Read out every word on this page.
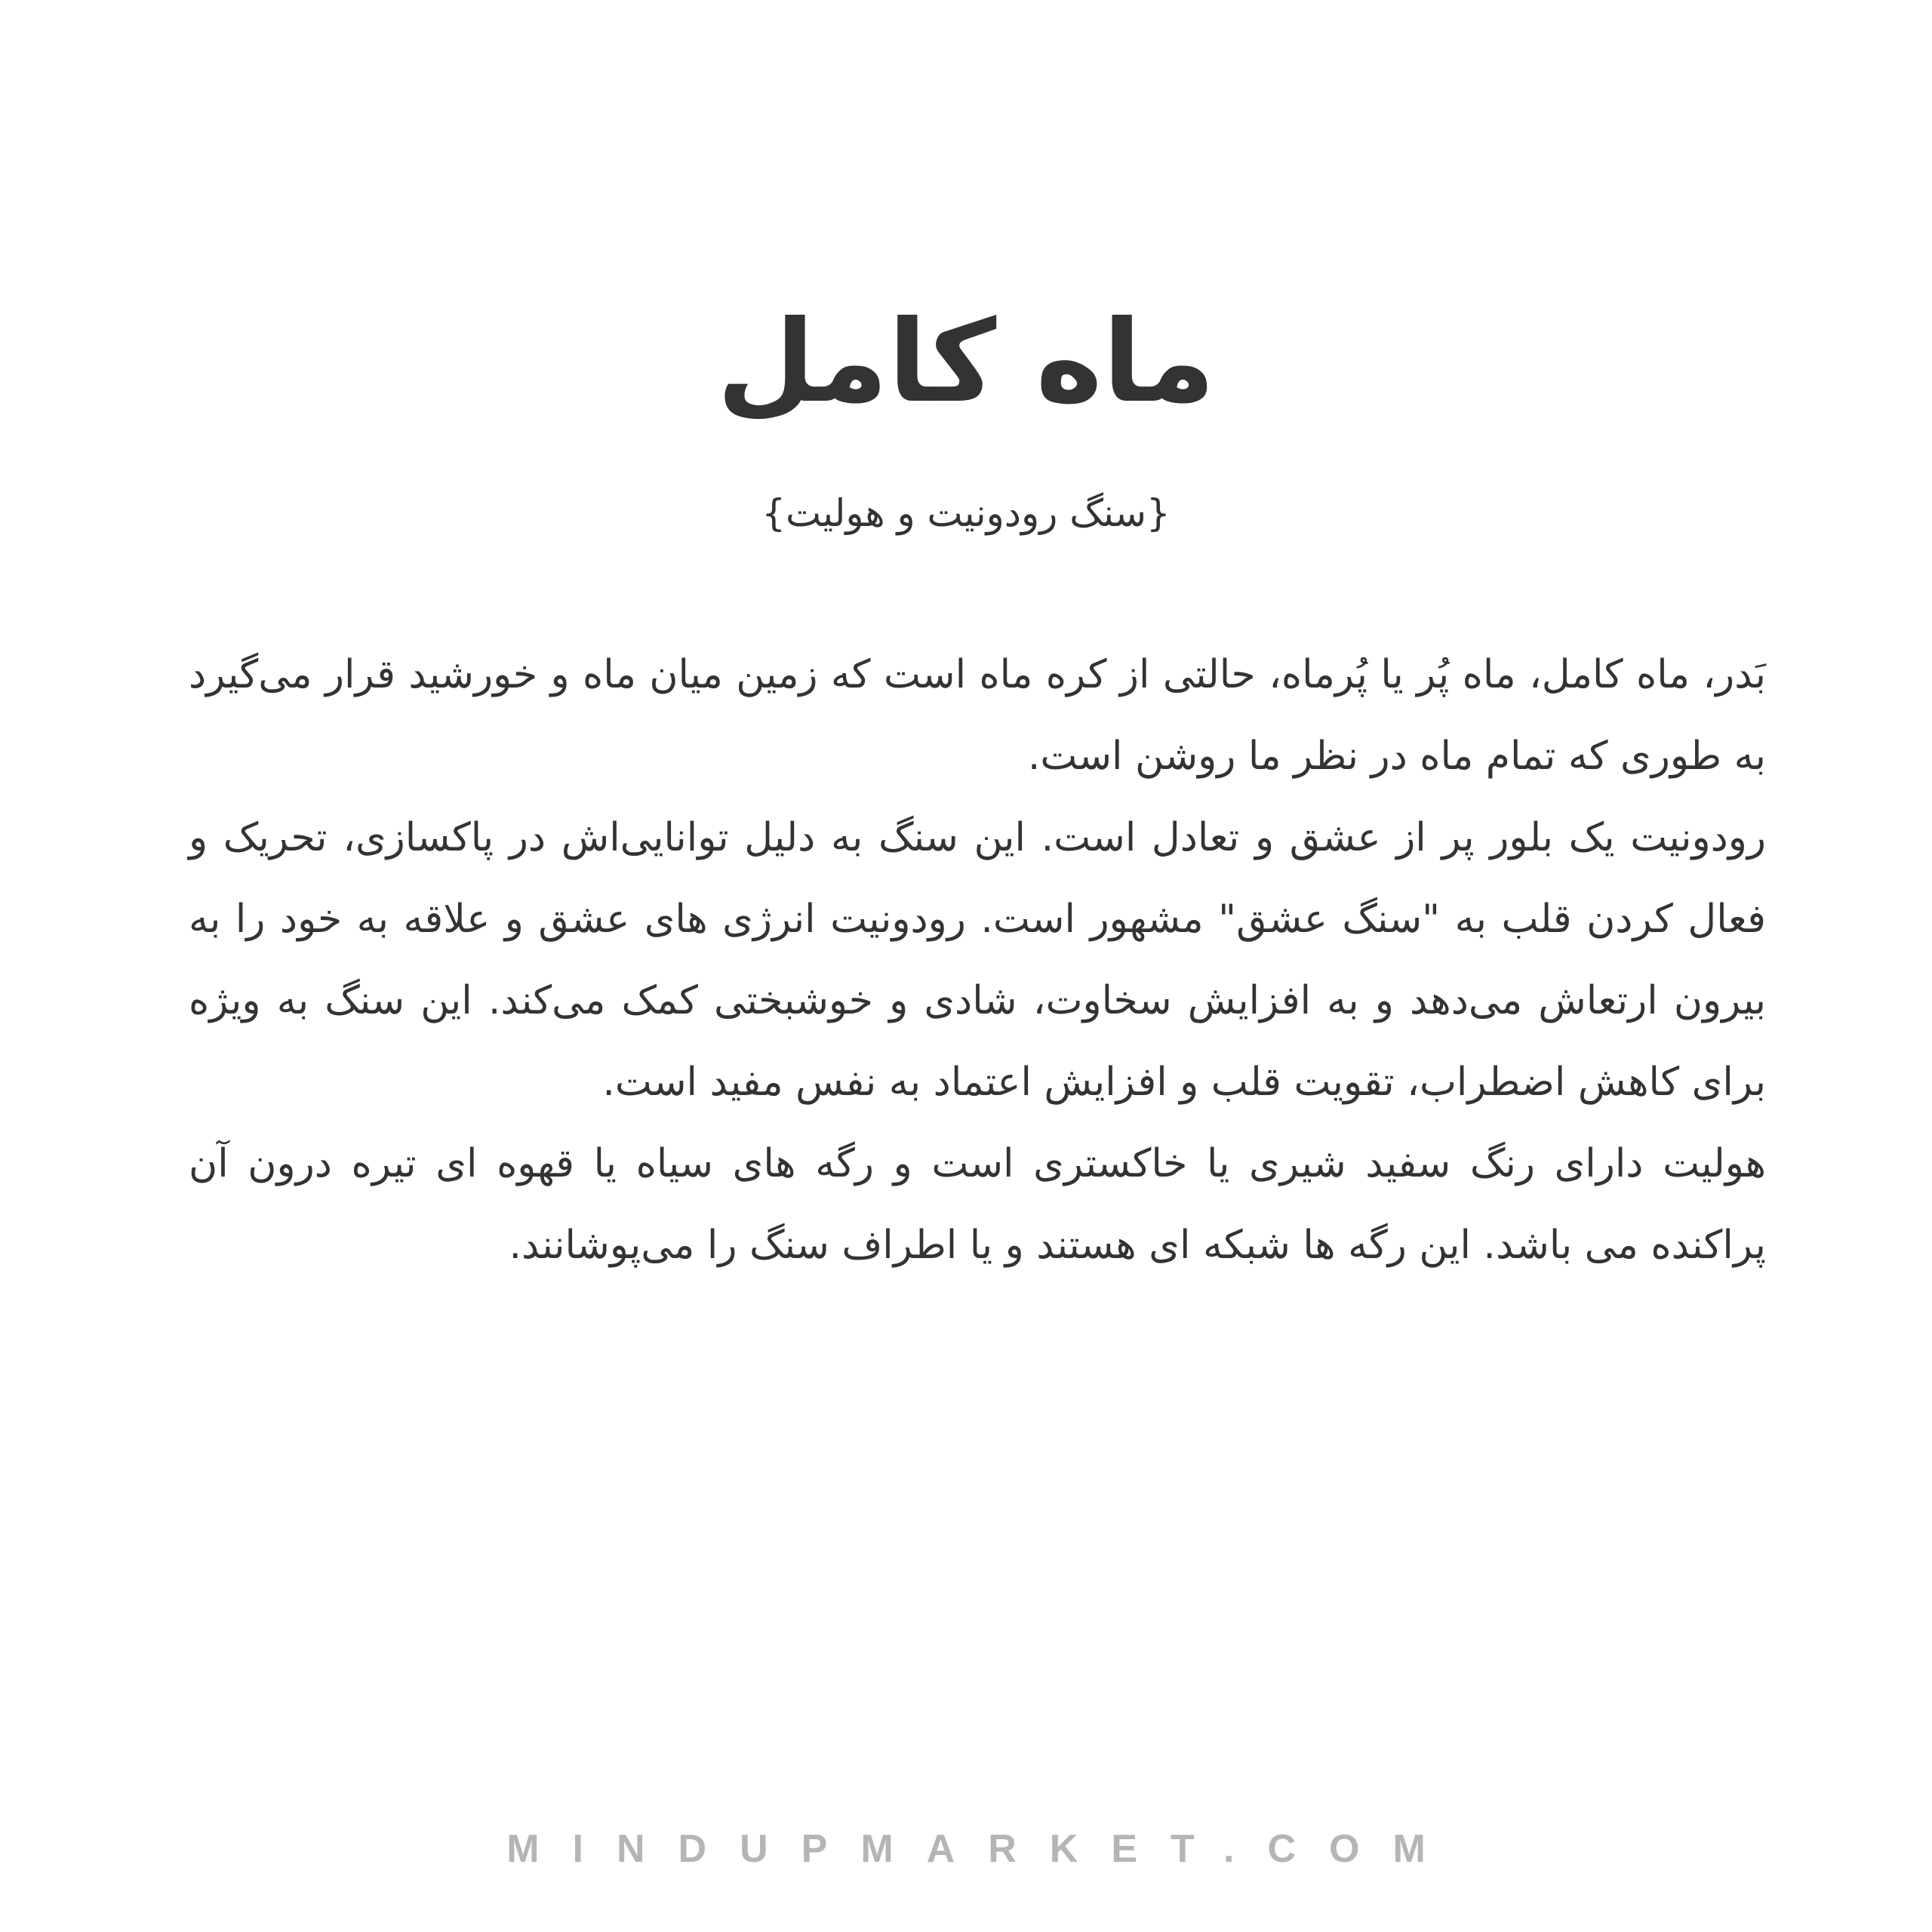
ماه کامل
{سنگ رودونیت و هولیت}

بَدر، ماه کامل، ماه پُر یا پُرماه، حالتی از کره ماه است که زمین میان ماه و خورشید قرار می‌گیرد به طوری که تمام ماه در نظر ما روشن است.

رودونیت یک بلور پر از عشق و تعادل است. این سنگ به دلیل توانایی‌اش در پاکسازی، تحریک و فعال کردن قلب به "سنگ عشق" مشهور است. رودونیت انرژی های عشق و علاقه به خود را به بیرون ارتعاش می‌دهد و به افزایش سخاوت، شادی و خوشبختی کمک می‌کند. این سنگ به ویژه برای کاهش اضطراب، تقویت قلب و افزایش اعتماد به نفس مفید است.

هولیت دارای رنگ سفید شیری یا خاکستری است و رگه های سیاه یا قهوه ای تیره درون آن پراکنده می باشد. این رگه ها شبکه ای هستند و یا اطراف سنگ را می‌پوشانند.

MINDUPMARKET.COM
